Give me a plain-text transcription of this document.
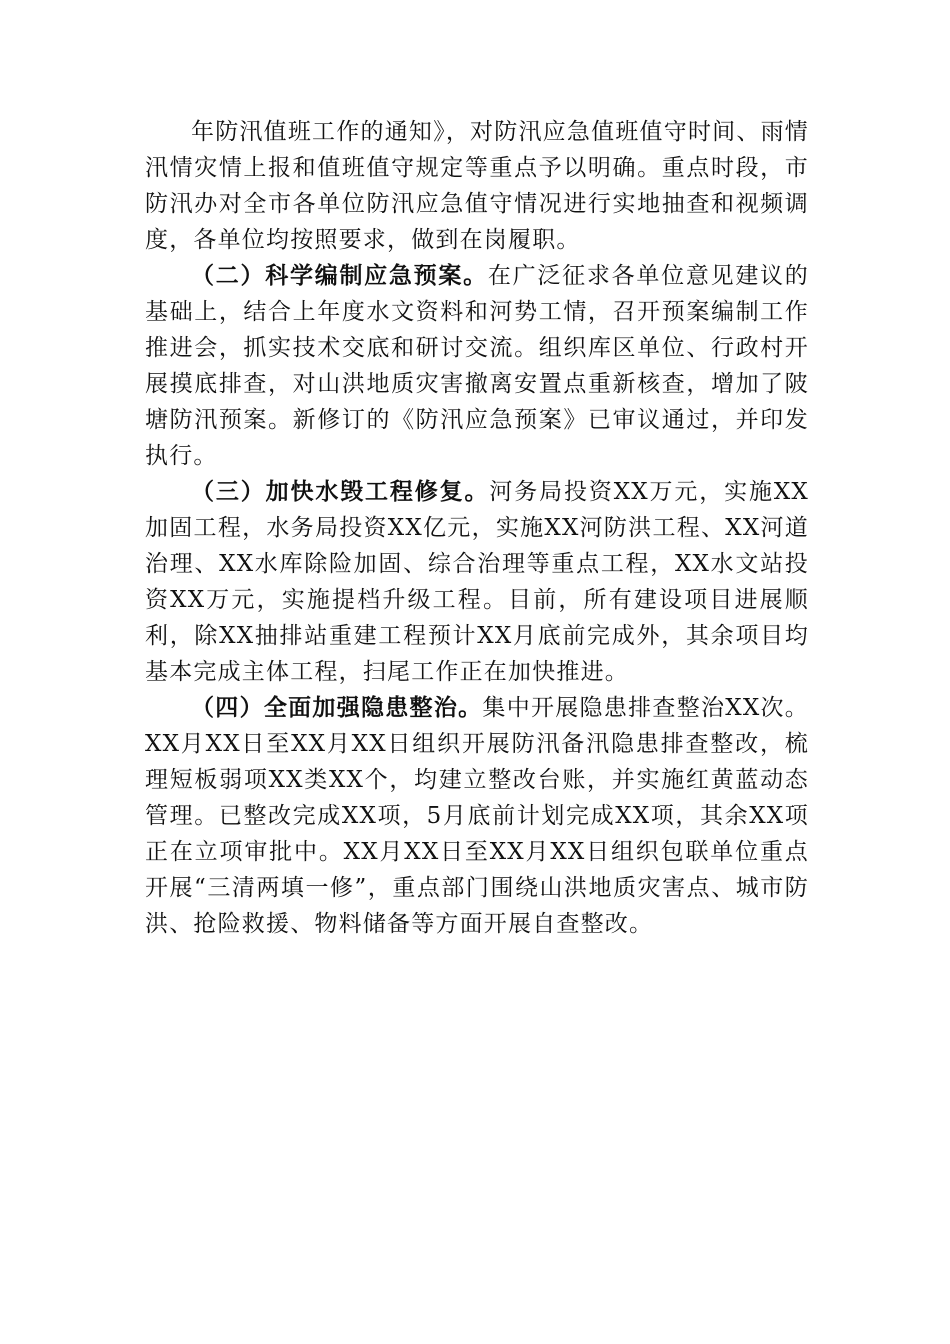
年防汛值班工作的通知》，对防汛应急值班值守时间、雨情汛情灾情上报和值班值守规定等重点予以明确。重点时段，市防汛办对全市各单位防汛应急值守情况进行实地抽查和视频调度，各单位均按照要求，做到在岗履职。

（二）科学编制应急预案。在广泛征求各单位意见建议的基础上，结合上年度水文资料和河势工情，召开预案编制工作推进会，抓实技术交底和研讨交流。组织库区单位、行政村开展摸底排查，对山洪地质灾害撤离安置点重新核查，增加了陂塘防汛预案。新修订的《防汛应急预案》已审议通过，并印发执行。

（三）加快水毁工程修复。河务局投资XX万元，实施XX加固工程，水务局投资XX亿元，实施XX河防洪工程、XX河道治理、XX水库除险加固、综合治理等重点工程，XX水文站投资XX万元，实施提档升级工程。目前，所有建设项目进展顺利，除XX抽排站重建工程预计XX月底前完成外，其余项目均基本完成主体工程，扫尾工作正在加快推进。

（四）全面加强隐患整治。集中开展隐患排查整治XX次。XX月XX日至XX月XX日组织开展防汛备汛隐患排查整改，梳理短板弱项XX类XX个，均建立整改台账，并实施红黄蓝动态管理。已整改完成XX项，5月底前计划完成XX项，其余XX项正在立项审批中。XX月XX日至XX月XX日组织包联单位重点开展“三清两填一修”，重点部门围绕山洪地质灾害点、城市防洪、抢险救援、物料储备等方面开展自查整改。
